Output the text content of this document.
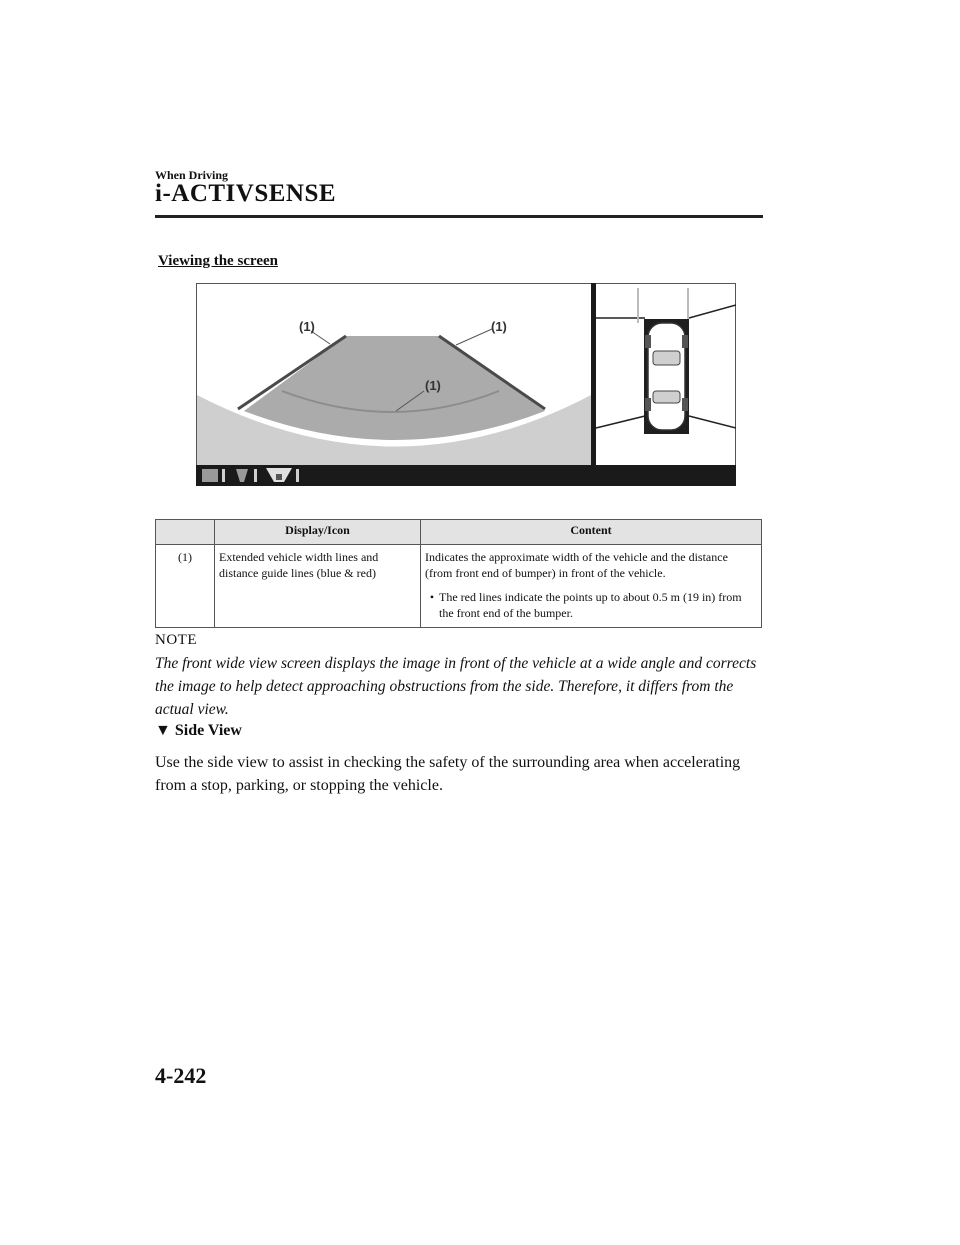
When Driving
i-ACTIVSENSE
Viewing the screen
(1)	(1)
(1)
	Display/Icon	Content
(1)	Extended vehicle width lines and distance guide lines (blue & red)	Indicates the approximate width of the vehicle and the distance (from front end of bumper) in front of the vehicle.
• The red lines indicate the points up to about 0.5 m (19 in) from the front end of the bumper.
NOTE
The front wide view screen displays the image in front of the vehicle at a wide angle and corrects the image to help detect approaching obstructions from the side. Therefore, it differs from the actual view.
▼ Side View
Use the side view to assist in checking the safety of the surrounding area when accelerating from a stop, parking, or stopping the vehicle.
4-242
